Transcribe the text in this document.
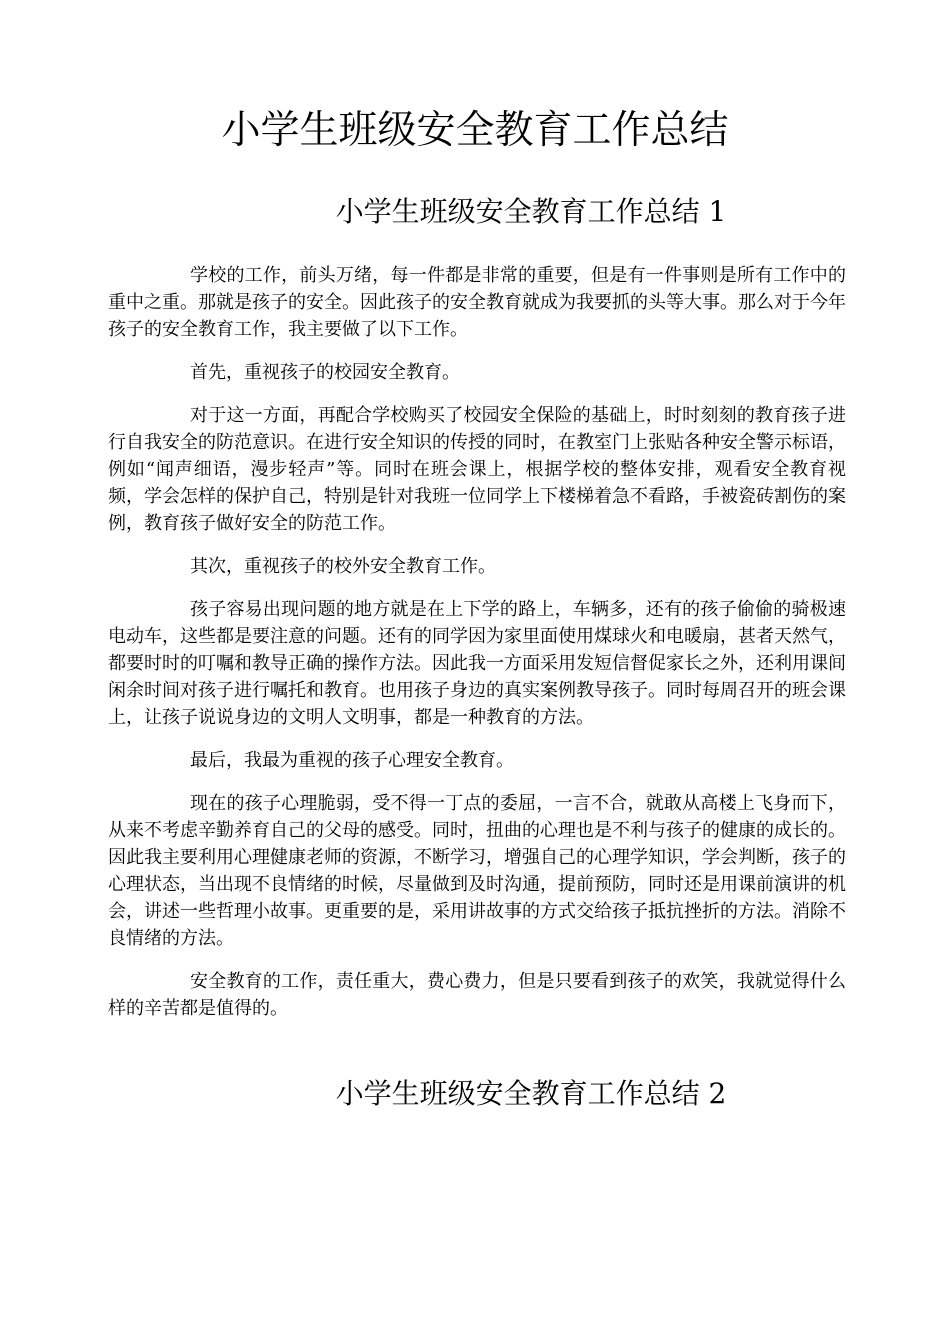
小学生班级安全教育工作总结
小学生班级安全教育工作总结 1

学校的工作，前头万绪，每一件都是非常的重要，但是有一件事则是所有工作中的重中之重。那就是孩子的安全。因此孩子的安全教育就成为我要抓的头等大事。那么对于今年孩子的安全教育工作，我主要做了以下工作。

首先，重视孩子的校园安全教育。

对于这一方面，再配合学校购买了校园安全保险的基础上，时时刻刻的教育孩子进行自我安全的防范意识。在进行安全知识的传授的同时，在教室门上张贴各种安全警示标语，例如“闻声细语，漫步轻声”等。同时在班会课上，根据学校的整体安排，观看安全教育视频，学会怎样的保护自己，特别是针对我班一位同学上下楼梯着急不看路，手被瓷砖割伤的案例，教育孩子做好安全的防范工作。

其次，重视孩子的校外安全教育工作。

孩子容易出现问题的地方就是在上下学的路上，车辆多，还有的孩子偷偷的骑极速电动车，这些都是要注意的问题。还有的同学因为家里面使用煤球火和电暖扇，甚者天然气，都要时时的叮嘱和教导正确的操作方法。因此我一方面采用发短信督促家长之外，还利用课间闲余时间对孩子进行嘱托和教育。也用孩子身边的真实案例教导孩子。同时每周召开的班会课上，让孩子说说身边的文明人文明事，都是一种教育的方法。

最后，我最为重视的孩子心理安全教育。

现在的孩子心理脆弱，受不得一丁点的委屈，一言不合，就敢从高楼上飞身而下，从来不考虑辛勤养育自己的父母的感受。同时，扭曲的心理也是不利与孩子的健康的成长的。因此我主要利用心理健康老师的资源，不断学习，增强自己的心理学知识，学会判断，孩子的心理状态，当出现不良情绪的时候，尽量做到及时沟通，提前预防，同时还是用课前演讲的机会，讲述一些哲理小故事。更重要的是，采用讲故事的方式交给孩子抵抗挫折的方法。消除不良情绪的方法。

安全教育的工作，责任重大，费心费力，但是只要看到孩子的欢笑，我就觉得什么样的辛苦都是值得的。

小学生班级安全教育工作总结 2
